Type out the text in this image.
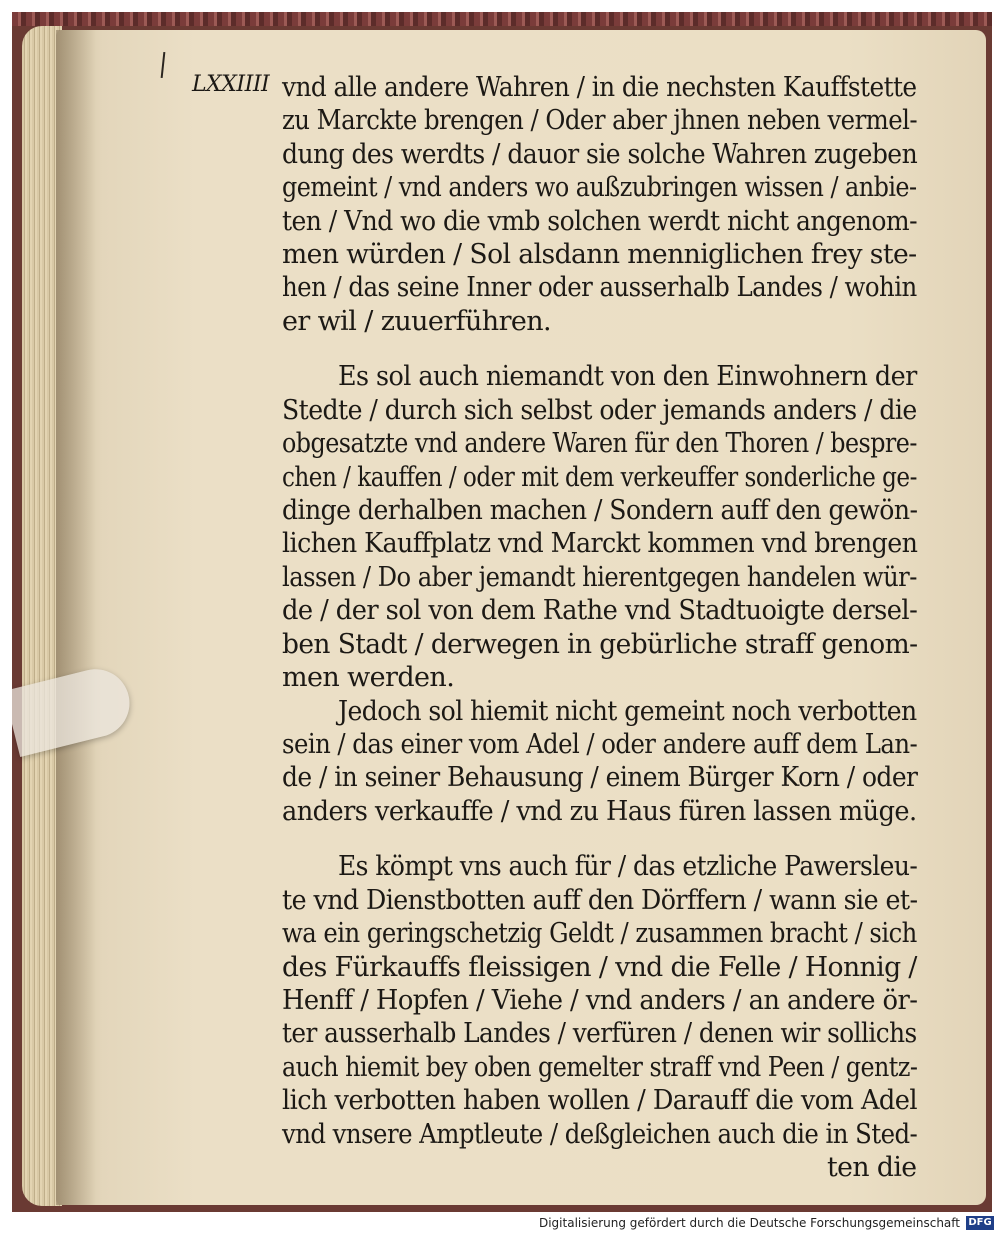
LXXIIII vnd alle andere Wahren / in die nechsten Kauffstette
zu Marckte brengen / Oder aber jhnen neben vermel-
dung des werdts / dauor sie solche Wahren zugeben
gemeint / vnd anders wo außzubringen wissen / anbie-
ten / Vnd wo die vmb solchen werdt nicht angenom-
men würden / Sol alsdann menniglichen frey ste-
hen / das seine Inner oder ausserhalb Landes / wohin
er wil / zuuerführen.
Es sol auch niemandt von den Einwohnern der
Stedte / durch sich selbst oder jemands anders / die
obgesatzte vnd andere Waren für den Thoren / bespre-
chen / kauffen / oder mit dem verkeuffer sonderliche ge-
dinge derhalben machen / Sondern auff den gewön-
lichen Kauffplatz vnd Marckt kommen vnd brengen
lassen / Do aber jemandt hierentgegen handelen wür-
de / der sol von dem Rathe vnd Stadtuoigte dersel-
ben Stadt / derwegen in gebürliche straff genom-
men werden.
Jedoch sol hiemit nicht gemeint noch verbotten
sein / das einer vom Adel / oder andere auff dem Lan-
de / in seiner Behausung / einem Bürger Korn / oder
anders verkauffe / vnd zu Haus füren lassen müge.
Es kömpt vns auch für / das etzliche Pawersleu-
te vnd Dienstbotten auff den Dörffern / wann sie et-
wa ein geringschetzig Geldt / zusammen bracht / sich
des Fürkauffs fleissigen / vnd die Felle / Honnig /
Henff / Hopfen / Viehe / vnd anders / an andere ör-
ter ausserhalb Landes / verfüren / denen wir sollichs
auch hiemit bey oben gemelter straff vnd Peen / gentz-
lich verbotten haben wollen / Darauff die vom Adel
vnd vnsere Amptleute / deßgleichen auch die in Sted-
ten die
Digitalisierung gefördert durch die Deutsche Forschungsgemeinschaft DFG
